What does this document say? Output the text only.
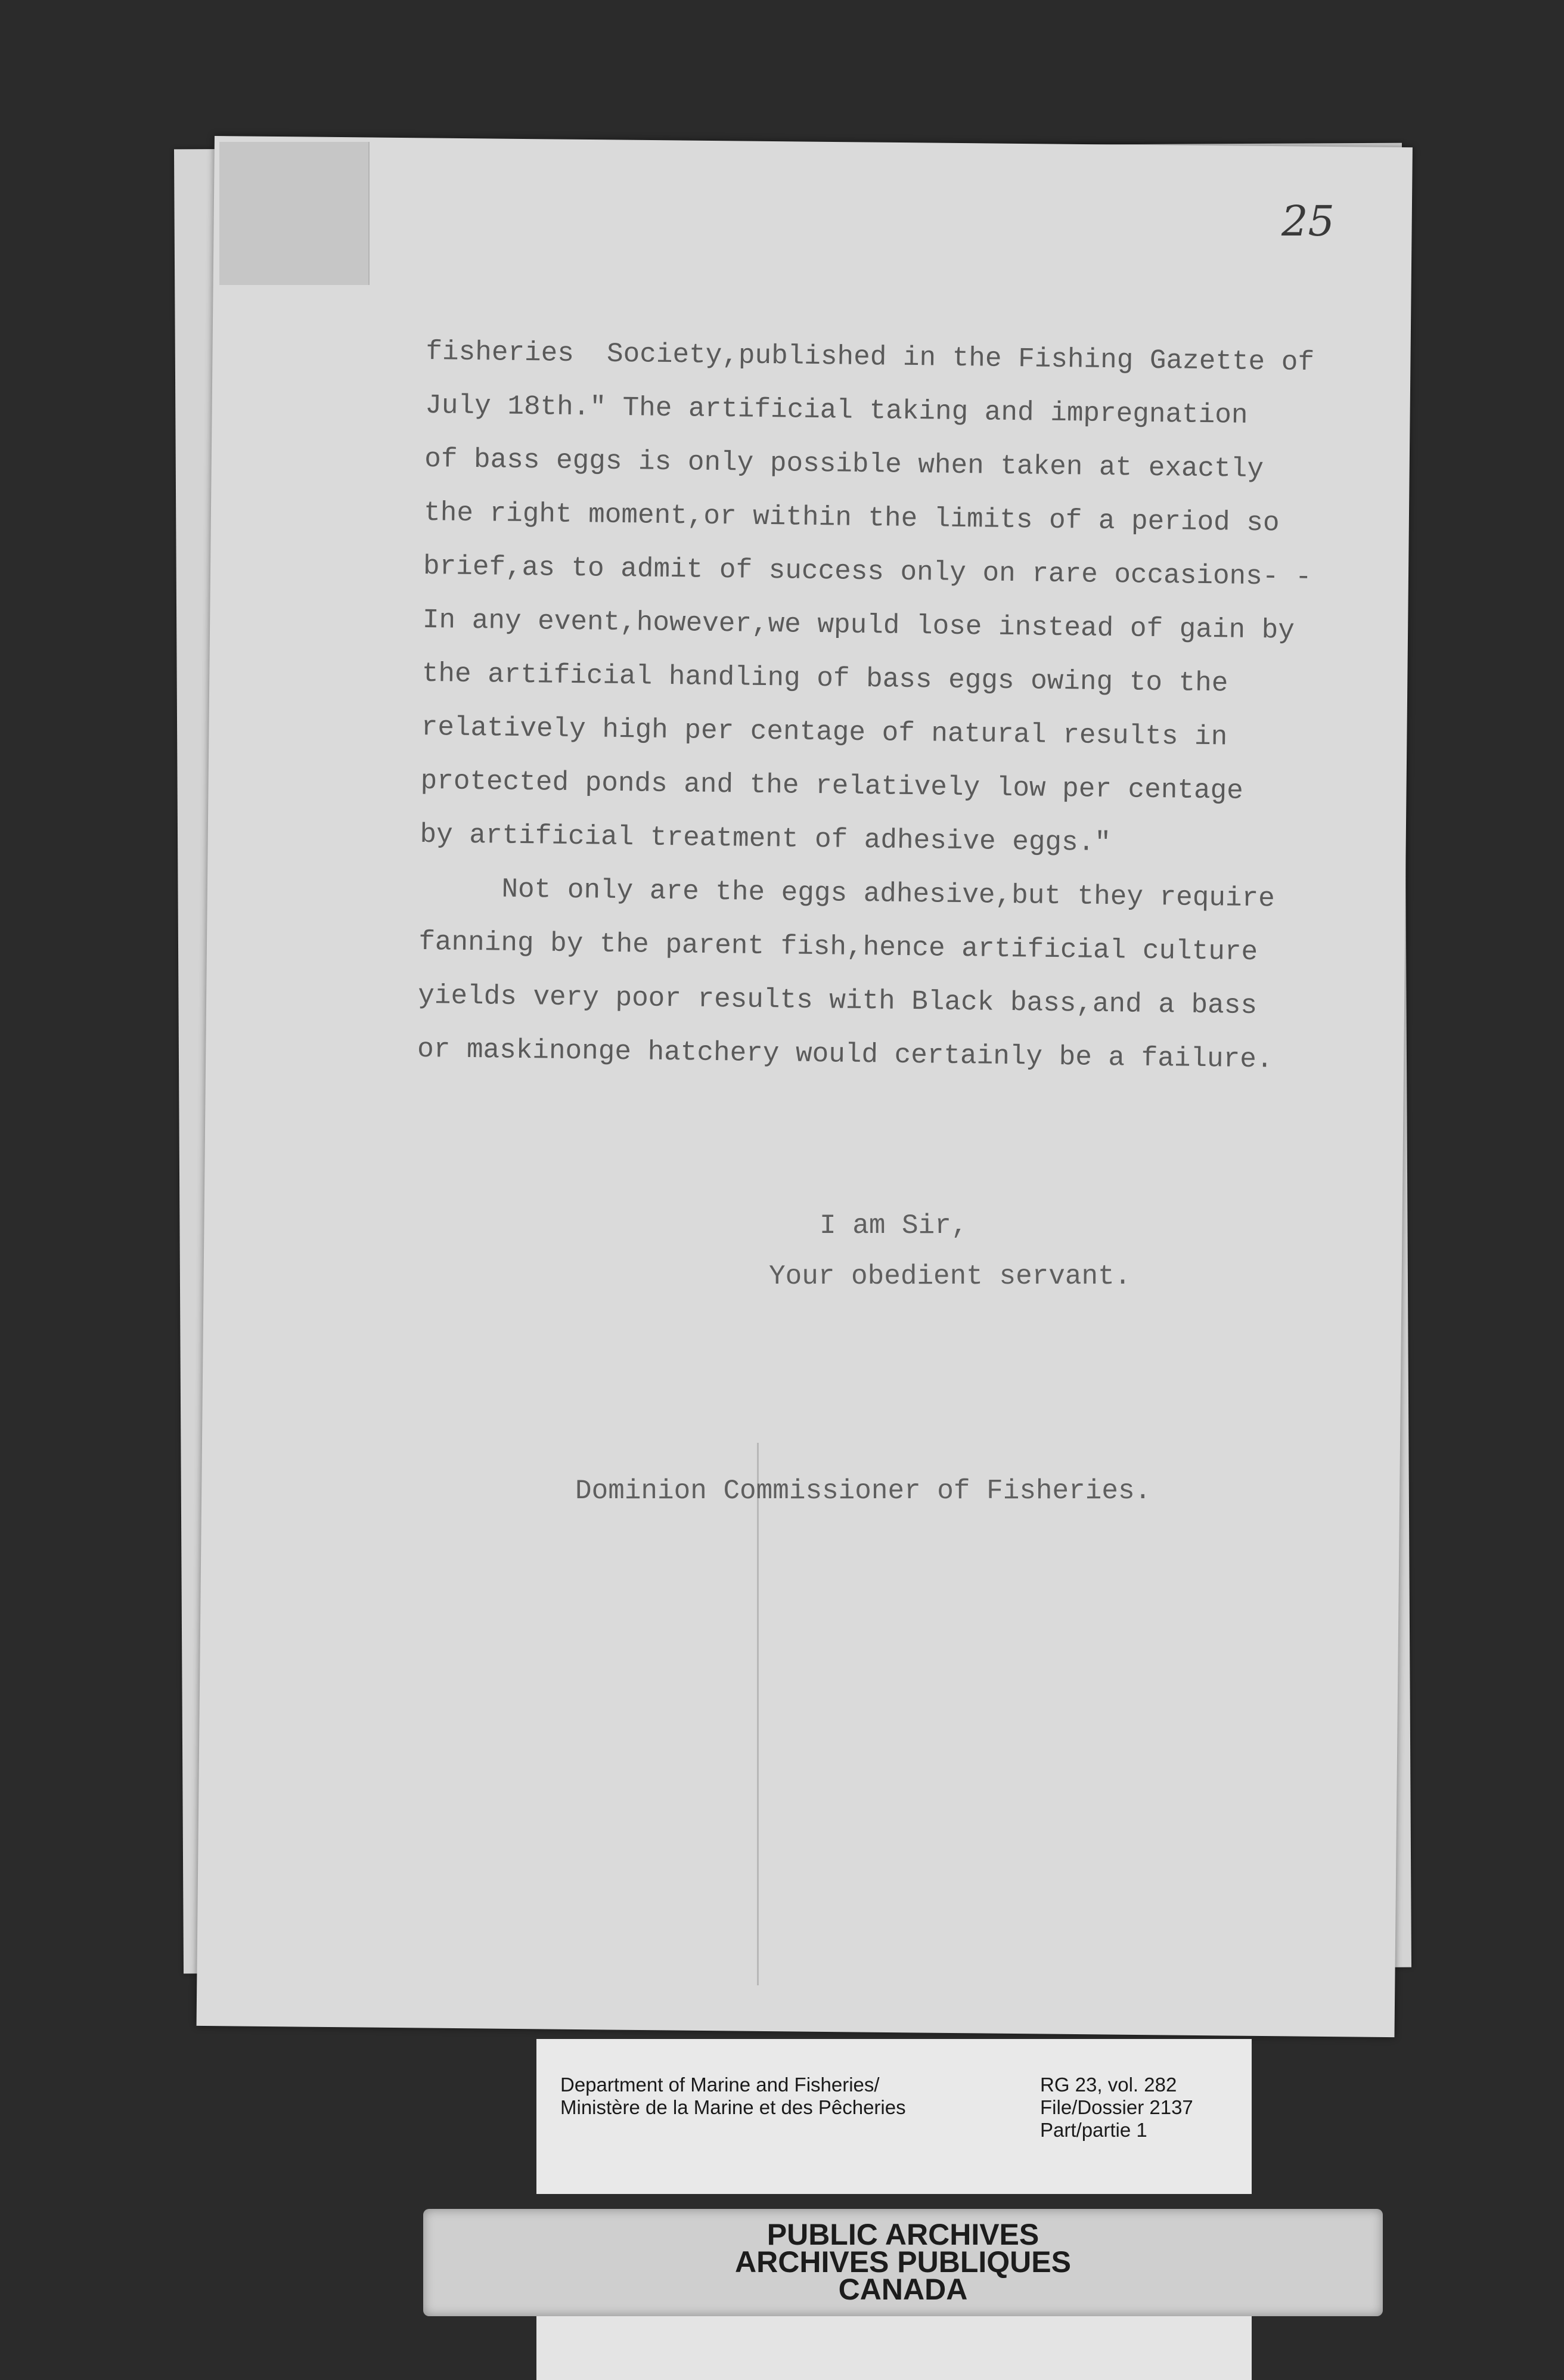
25
fisheries  Society,published in the Fishing Gazette of
July 18th." The artificial taking and impregnation
of bass eggs is only possible when taken at exactly
the right moment,or within the limits of a period so
brief,as to admit of success only on rare occasions- -
In any event,however,we wpuld lose instead of gain by
the artificial handling of bass eggs owing to the
relatively high per centage of natural results in
protected ponds and the relatively low per centage
by artificial treatment of adhesive eggs."
Not only are the eggs adhesive,but they require
fanning by the parent fish,hence artificial culture
yields very poor results with Black bass,and a bass
or maskinonge hatchery would certainly be a failure.
I am Sir,
Your obedient servant.
Dominion Commissioner of Fisheries.
Department of Marine and Fisheries/
Ministère de la Marine et des Pêcheries
RG 23, vol. 282
File/Dossier 2137
Part/partie 1
PUBLIC ARCHIVES
ARCHIVES PUBLIQUES
CANADA
